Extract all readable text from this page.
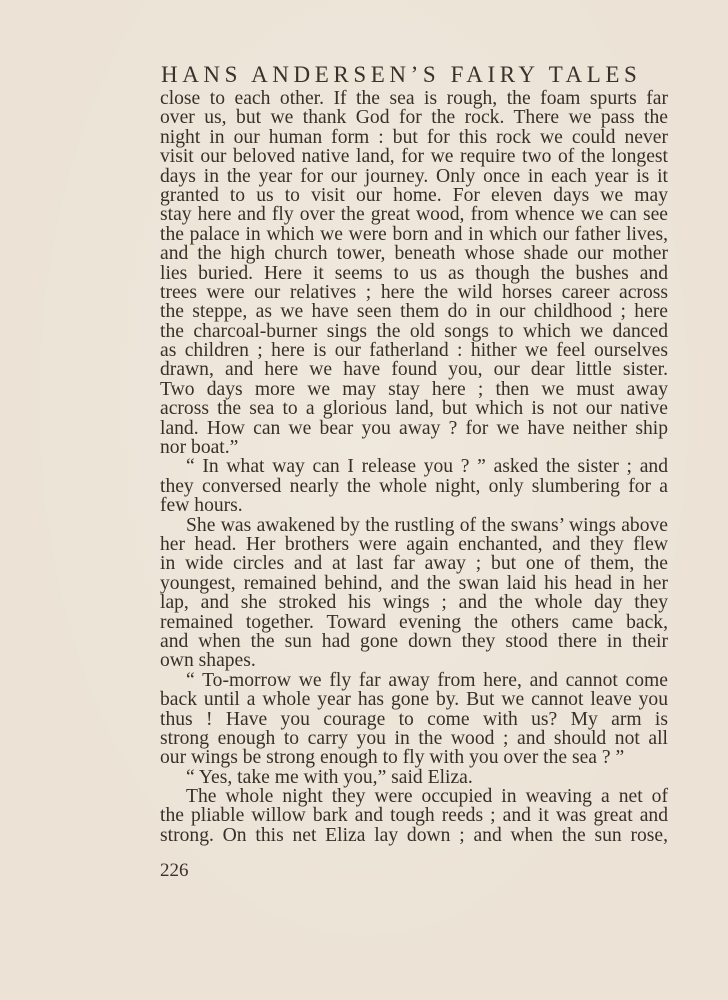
HANS ANDERSEN’S FAIRY TALES
close to each other. If the sea is rough, the foam spurts far
over us, but we thank God for the rock. There we pass the
night in our human form : but for this rock we could never
visit our beloved native land, for we require two of the longest
days in the year for our journey. Only once in each year is it
granted to us to visit our home. For eleven days we may
stay here and fly over the great wood, from whence we can see
the palace in which we were born and in which our father lives,
and the high church tower, beneath whose shade our mother
lies buried. Here it seems to us as though the bushes and
trees were our relatives ; here the wild horses career across
the steppe, as we have seen them do in our childhood ; here
the charcoal-burner sings the old songs to which we danced
as children ; here is our fatherland : hither we feel ourselves
drawn, and here we have found you, our dear little sister.
Two days more we may stay here ; then we must away
across the sea to a glorious land, but which is not our native
land. How can we bear you away ? for we have neither ship
nor boat.”
“ In what way can I release you ? ” asked the sister ; and
they conversed nearly the whole night, only slumbering for a
few hours.
She was awakened by the rustling of the swans’ wings above
her head. Her brothers were again enchanted, and they flew
in wide circles and at last far away ; but one of them, the
youngest, remained behind, and the swan laid his head in her
lap, and she stroked his wings ; and the whole day they
remained together. Toward evening the others came back,
and when the sun had gone down they stood there in their
own shapes.
“ To-morrow we fly far away from here, and cannot come
back until a whole year has gone by. But we cannot leave you
thus ! Have you courage to come with us? My arm is
strong enough to carry you in the wood ; and should not all
our wings be strong enough to fly with you over the sea ? ”
“ Yes, take me with you,” said Eliza.
The whole night they were occupied in weaving a net of
the pliable willow bark and tough reeds ; and it was great and
strong. On this net Eliza lay down ; and when the sun rose,
226
